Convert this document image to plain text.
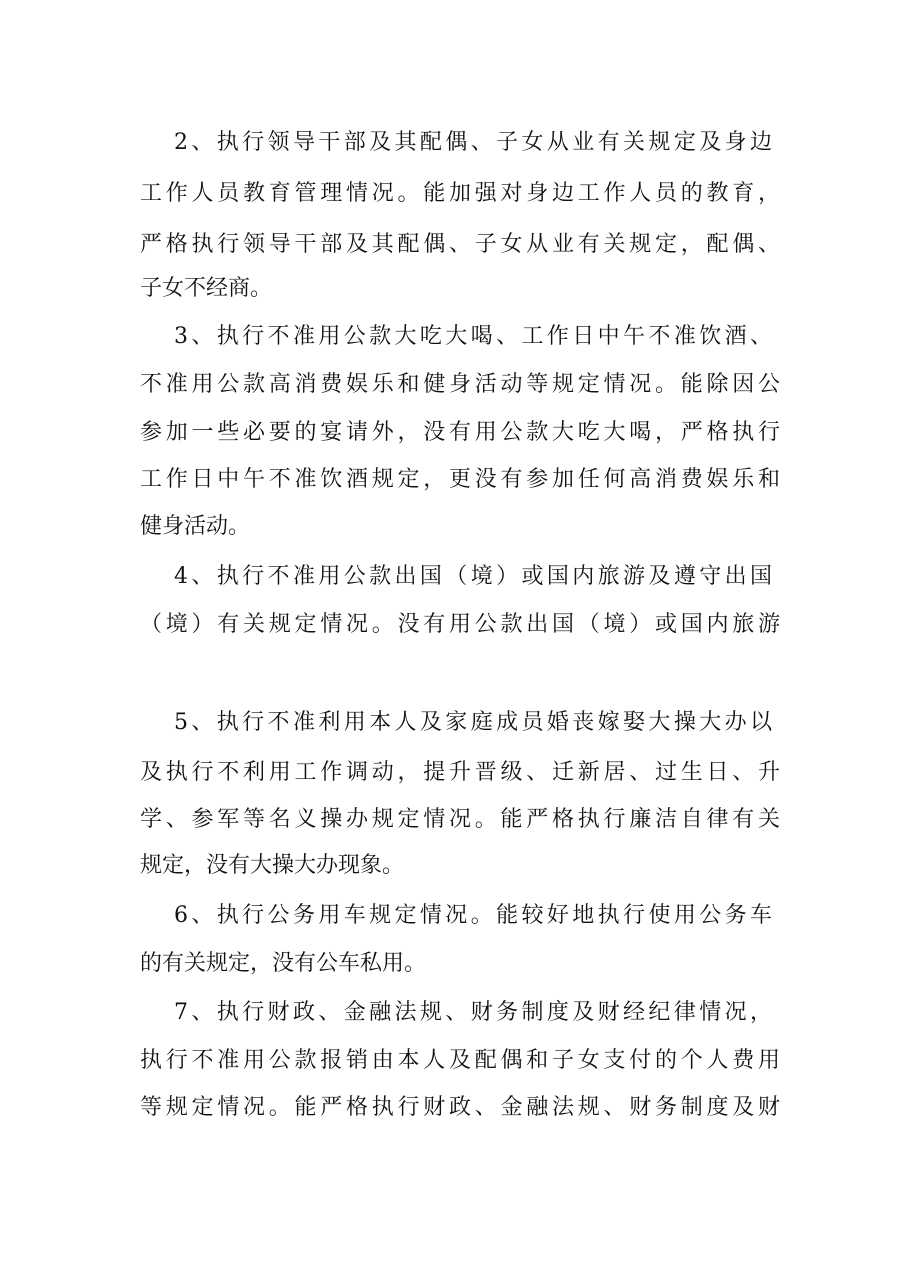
2、执行领导干部及其配偶、子女从业有关规定及身边
工作人员教育管理情况。能加强对身边工作人员的教育，
严格执行领导干部及其配偶、子女从业有关规定，配偶、
子女不经商。
3、执行不准用公款大吃大喝、工作日中午不准饮酒、
不准用公款高消费娱乐和健身活动等规定情况。能除因公
参加一些必要的宴请外，没有用公款大吃大喝，严格执行
工作日中午不准饮酒规定，更没有参加任何高消费娱乐和
健身活动。
4、执行不准用公款出国（境）或国内旅游及遵守出国
（境）有关规定情况。没有用公款出国（境）或国内旅游
5、执行不准利用本人及家庭成员婚丧嫁娶大操大办以
及执行不利用工作调动，提升晋级、迁新居、过生日、升
学、参军等名义操办规定情况。能严格执行廉洁自律有关
规定，没有大操大办现象。
6、执行公务用车规定情况。能较好地执行使用公务车
的有关规定，没有公车私用。
7、执行财政、金融法规、财务制度及财经纪律情况，
执行不准用公款报销由本人及配偶和子女支付的个人费用
等规定情况。能严格执行财政、金融法规、财务制度及财
